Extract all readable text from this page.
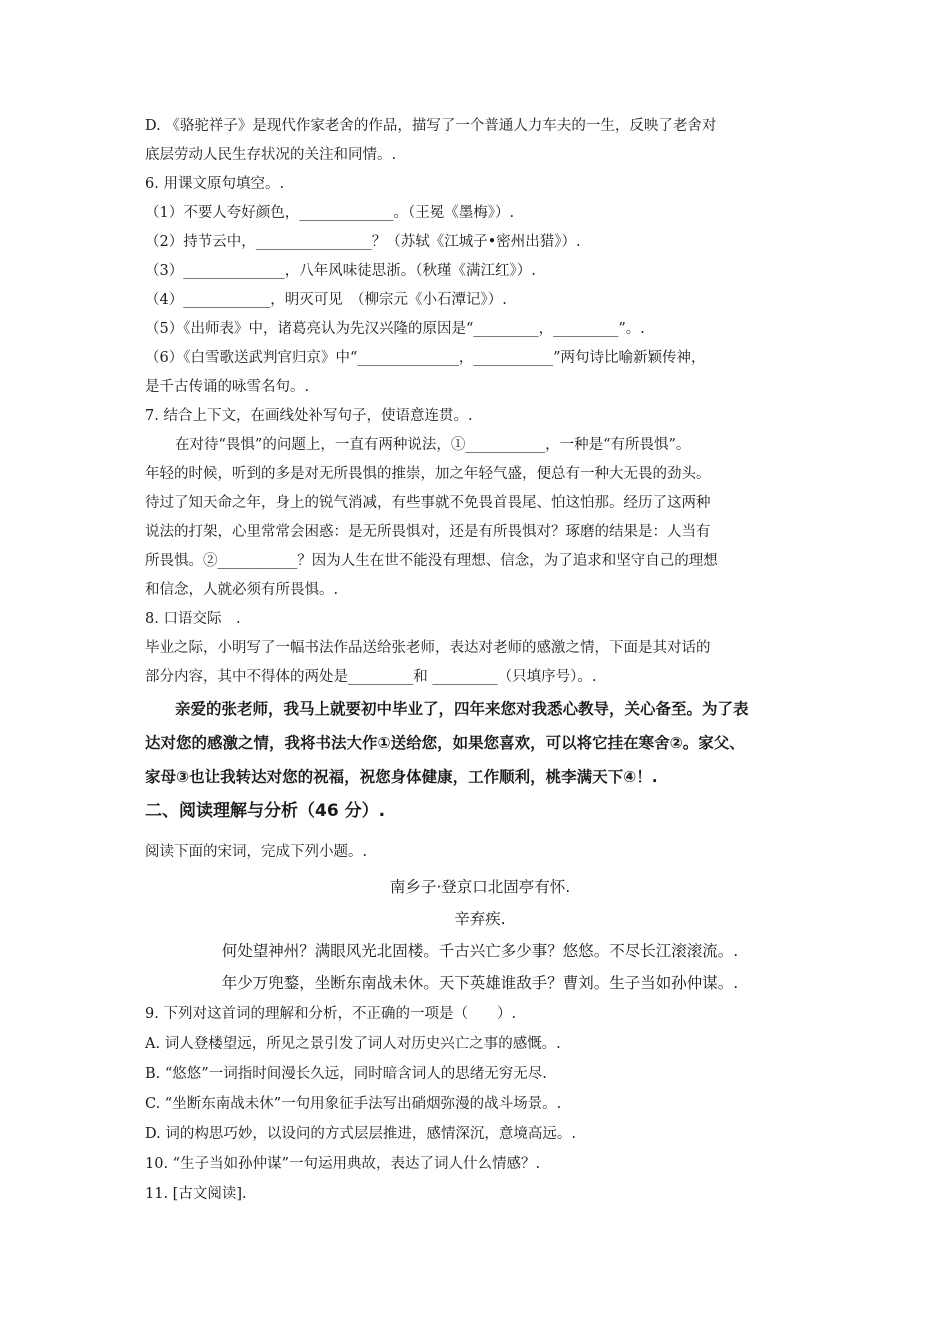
D. 《骆驼祥子》是现代作家老舍的作品，描写了一个普通人力车夫的一生，反映了老舍对

底层劳动人民生存状况的关注和同情。.

6. 用课文原句填空。.

（1）不要人夸好颜色，_____________。（王冕《墨梅》）.

（2）持节云中，________________？（苏轼《江城子•密州出猎》）.

（3）______________，八年风味徒思浙。（秋瑾《满江红》）.

（4）____________，明灭可见　（柳宗元《小石潭记》）.

（5）《出师表》中，诸葛亮认为先汉兴隆的原因是“_________，_________”。.

（6）《白雪歌送武判官归京》中“______________，___________”两句诗比喻新颖传神，

是千古传诵的咏雪名句。.

7. 结合上下文，在画线处补写句子，使语意连贯。.

在对待“畏惧”的问题上，一直有两种说法，①___________，一种是“有所畏惧”。

年轻的时候，听到的多是对无所畏惧的推崇，加之年轻气盛，便总有一种大无畏的劲头。

待过了知天命之年，身上的锐气消减，有些事就不免畏首畏尾、怕这怕那。经历了这两种

说法的打架，心里常常会困惑：是无所畏惧对，还是有所畏惧对？琢磨的结果是：人当有

所畏惧。②___________？因为人生在世不能没有理想、信念，为了追求和坚守自己的理想

和信念，人就必须有所畏惧。.

8. 口语交际　.

毕业之际，小明写了一幅书法作品送给张老师，表达对老师的感激之情，下面是其对话的

部分内容，其中不得体的两处是_________和 _________（只填序号）。.

亲爱的张老师，我马上就要初中毕业了，四年来您对我悉心教导，关心备至。为了表

达对您的感激之情，我将书法大作①送给您，如果您喜欢，可以将它挂在寒舍②。家父、

家母③也让我转达对您的祝福，祝您身体健康，工作顺利，桃李满天下④！.

二、阅读理解与分析（46 分）.

阅读下面的宋词，完成下列小题。.

南乡子·登京口北固亭有怀.

辛弃疾.

何处望神州？满眼风光北固楼。千古兴亡多少事？悠悠。不尽长江滚滚流。.

年少万兜鍪，坐断东南战未休。天下英雄谁敌手？曹刘。生子当如孙仲谋。.

9. 下列对这首词的理解和分析，不正确的一项是（　　）.

A. 词人登楼望远，所见之景引发了词人对历史兴亡之事的感慨。.

B. “悠悠”一词指时间漫长久远，同时暗含词人的思绪无穷无尽.

C. “坐断东南战未休”一句用象征手法写出硝烟弥漫的战斗场景。.

D. 词的构思巧妙，以设问的方式层层推进，感情深沉，意境高远。.

10. “生子当如孙仲谋”一句运用典故，表达了词人什么情感？.

11. [古文阅读].
